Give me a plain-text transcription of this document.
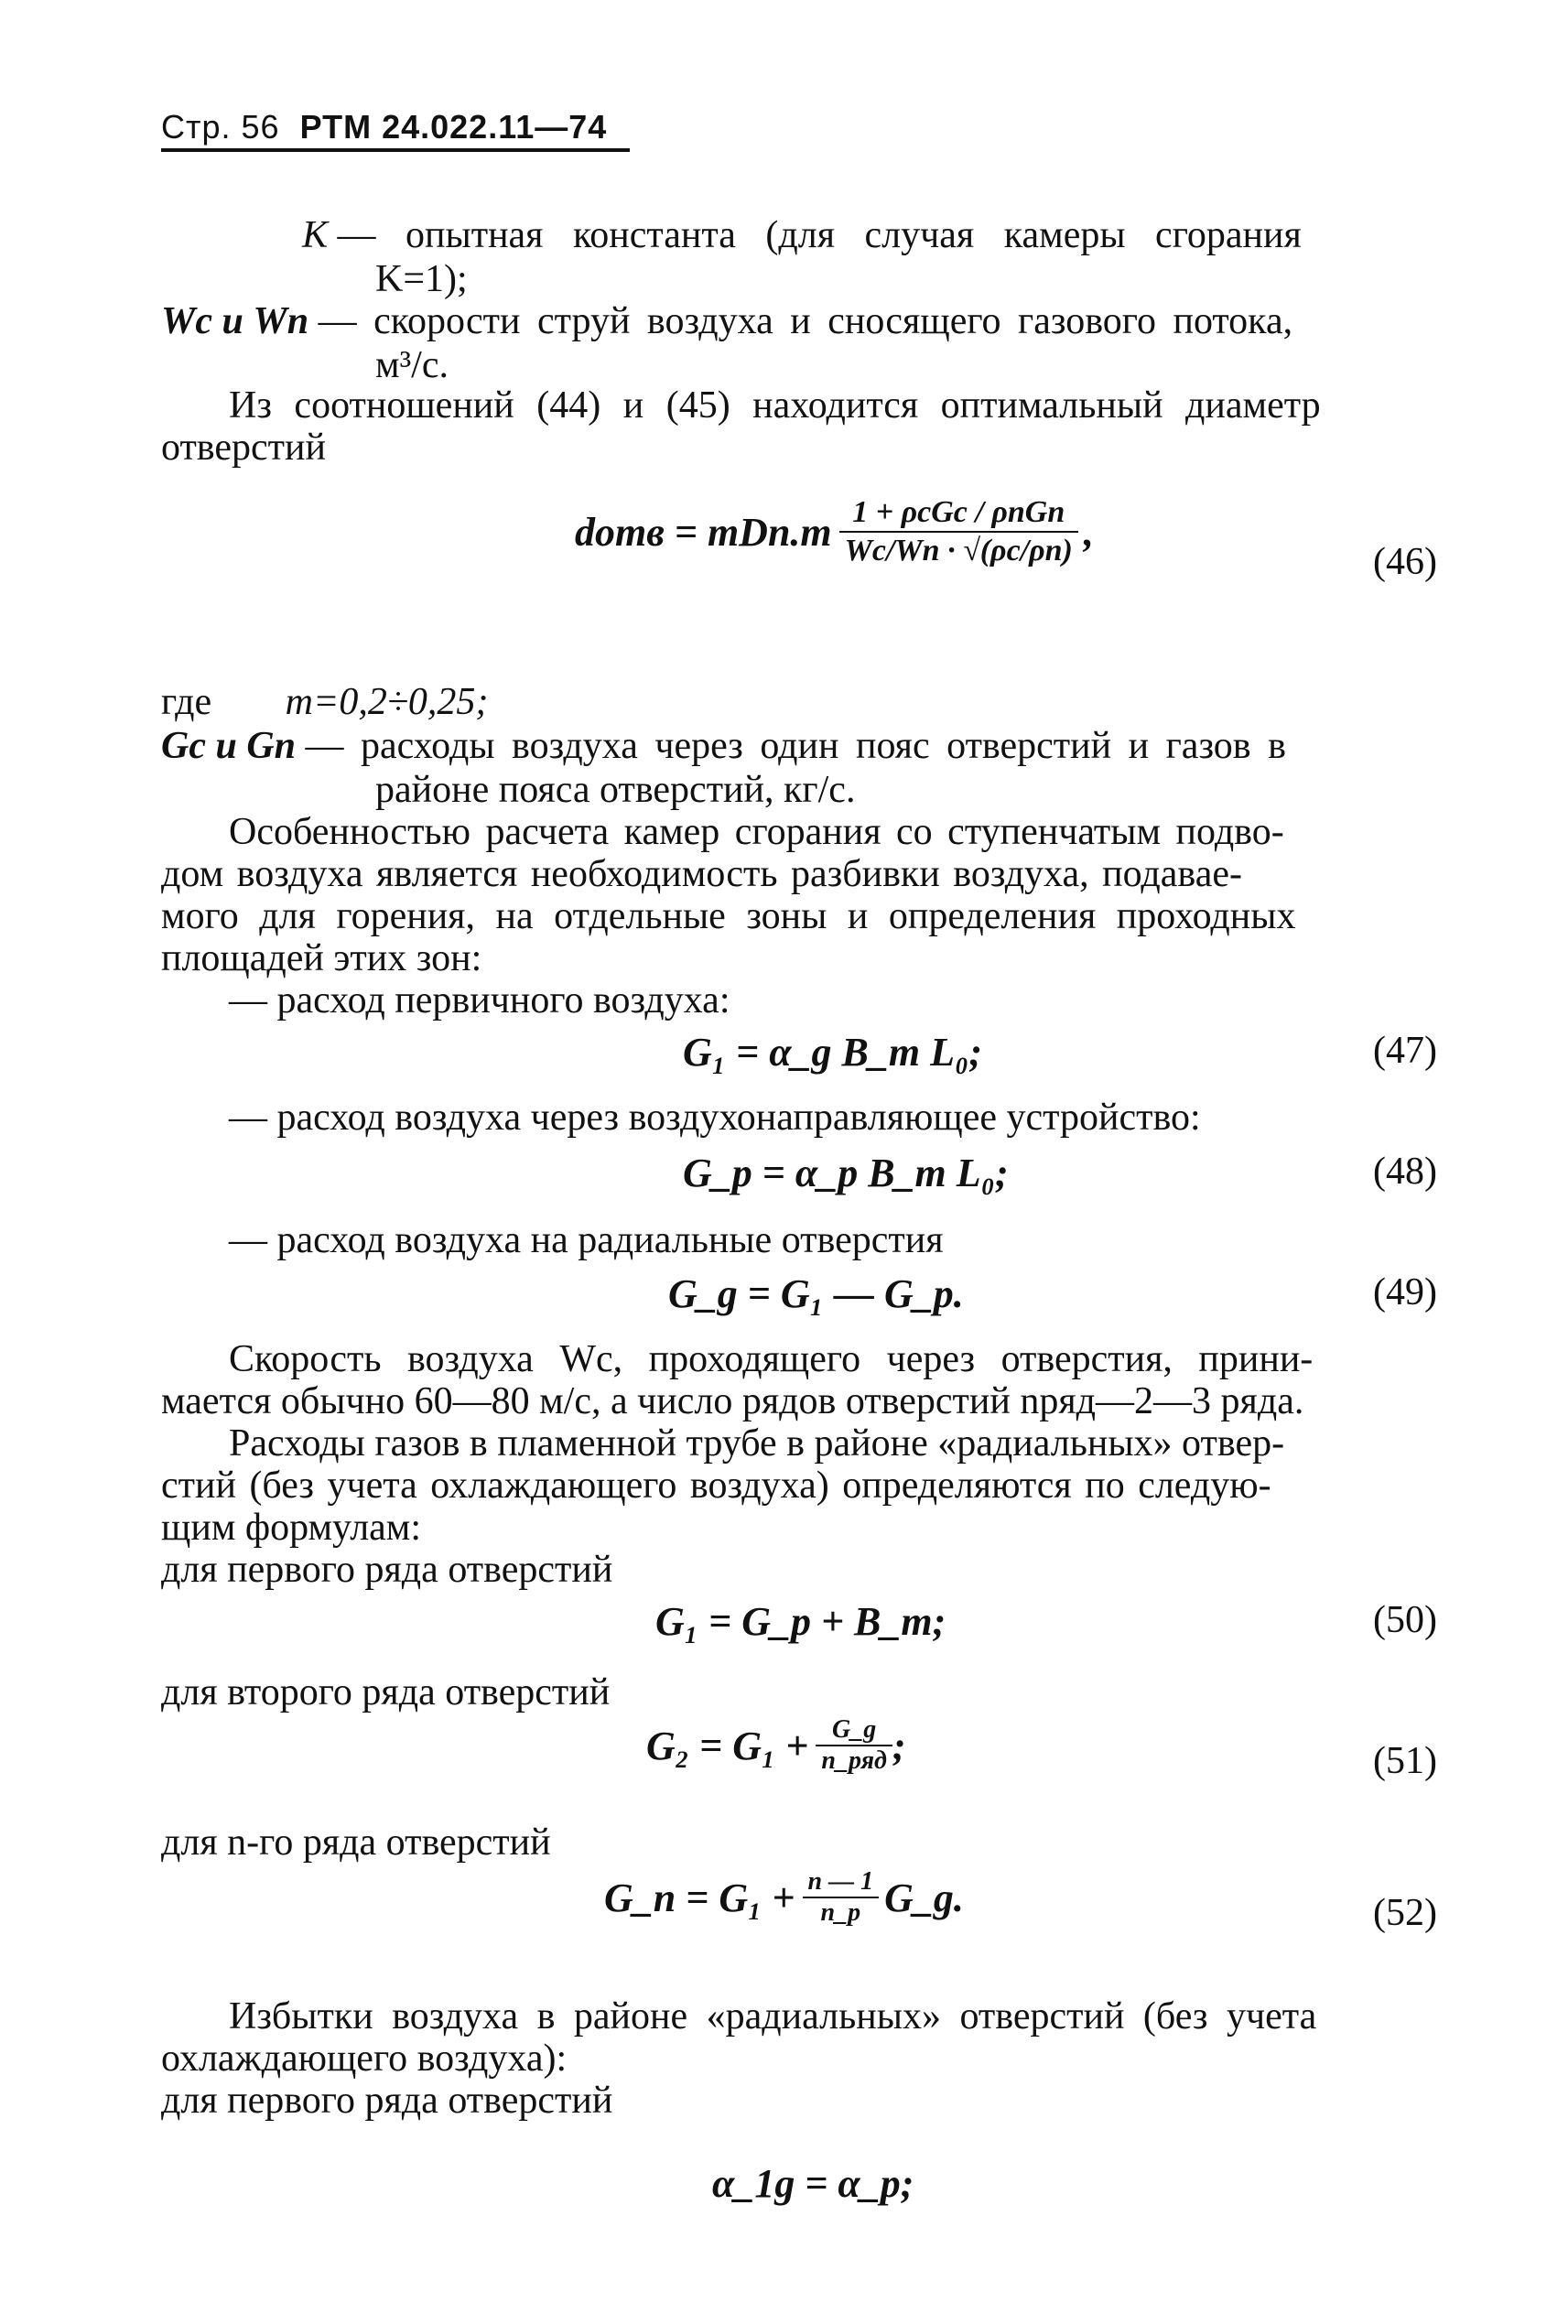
Стр. 56 РТМ 24.022.11—74
K — опытная константа (для случая камеры сгорания
K=1);
Wc и Wп — скорости струй воздуха и сносящего газового потока,
м³/с.
Из соотношений (44) и (45) находится оптимальный диаметр
отверстий
dотв = $mDп.т \frac{\text{1 + ρcGc / ρпGп}}{Wc/Wп \cdot √(\rho c/\rho п)}$ ,
(46)
где m=0,2÷0,25;
Gc и Gп — расходы воздуха через один пояс отверстий и газов в
районе пояса отверстий, кг/с.
Особенностью расчета камер сгорания со ступенчатым подво-
дом воздуха является необходимость разбивки воздуха, подавае-
мого для горения, на отдельные зоны и определения проходных
площадей этих зон:
— расход первичного воздуха:
G₁ = α_g B_т L₀;	(47)
— расход воздуха через воздухонаправляющее устройство:
G_p = α_p B_т L₀;	(48)
— расход воздуха на радиальные отверстия
G_g = G₁ — G_p.	(49)
Скорость воздуха Wc, проходящего через отверстия, прини-
мается обычно 60—80 м/с, а число рядов отверстий nряд—2—3 ряда.
Расходы газов в пламенной трубе в районе «радиальных» отвер-
стий (без учета охлаждающего воздуха) определяются по следую-
щим формулам:
для первого ряда отверстий
G₁ = G_p + B_т;	(50)
для второго ряда отверстий
$G_2 = G_1 + \frac{G\_g}{\text{n\_ряд}}$ ;	(51)
для n-го ряда отверстий
G_n = $G_1 + \frac{n — 1}{n\_p}$ G_g.	(52)
Избытки воздуха в районе «радиальных» отверстий (без учета
охлаждающего воздуха):
для первого ряда отверстий
α_1g = α_p;
